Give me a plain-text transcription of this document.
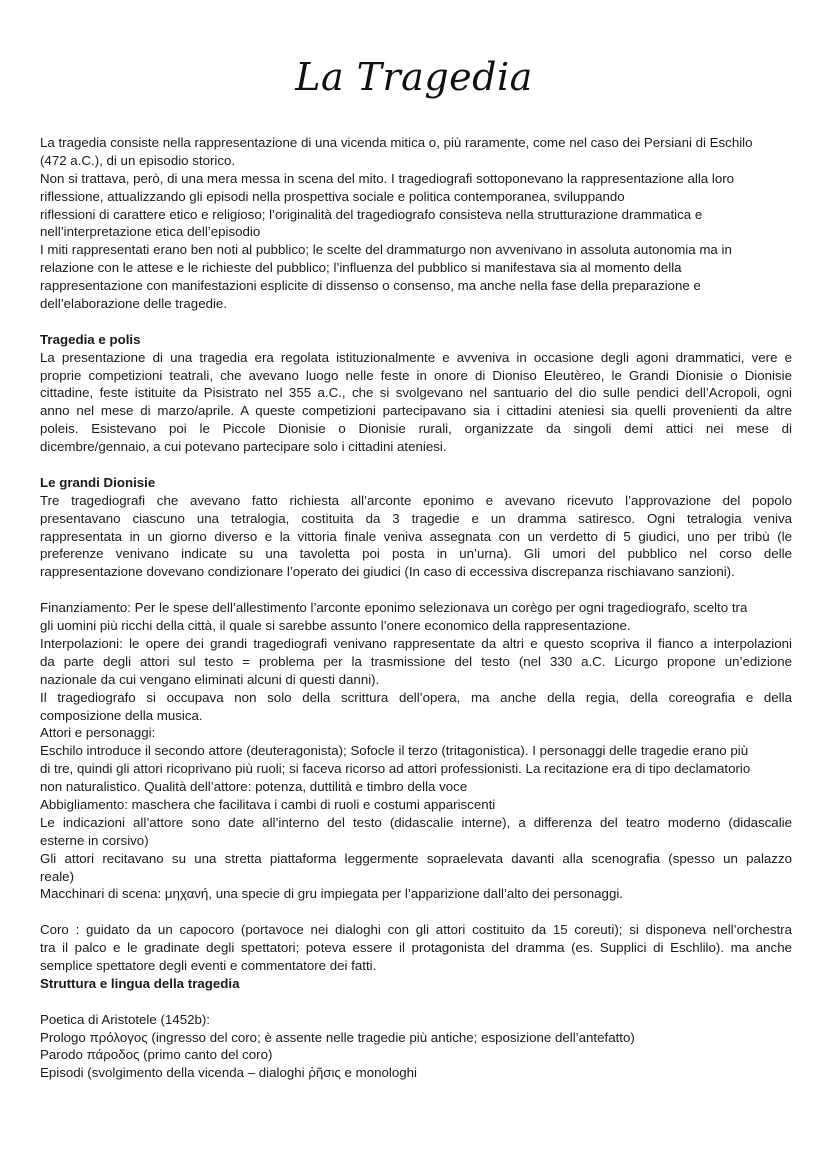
La Tragedia
La tragedia consiste nella rappresentazione di una vicenda mitica o, più raramente, come nel caso dei Persiani di Eschilo
(472 a.C.), di un episodio storico.
Non si trattava, però, di una mera messa in scena del mito. I tragediografi sottoponevano la rappresentazione alla loro
riflessione, attualizzando gli episodi nella prospettiva sociale e politica contemporanea, sviluppando
riflessioni di carattere etico e religioso; l’originalità del tragediografo consisteva nella strutturazione drammatica e
nell’interpretazione etica dell’episodio
I miti rappresentati erano ben noti al pubblico; le scelte del drammaturgo non avvenivano in assoluta autonomia ma in
relazione con le attese e le richieste del pubblico; l’influenza del pubblico si manifestava sia al momento della
rappresentazione con manifestazioni esplicite di dissenso o consenso, ma anche nella fase della preparazione e
dell’elaborazione delle tragedie.
Tragedia e polis
La presentazione di una tragedia era regolata istituzionalmente e avveniva in occasione degli agoni drammatici, vere e
proprie competizioni teatrali, che avevano luogo nelle feste in onore di Dioniso Eleutèreo, le Grandi Dionisie o Dionisie
cittadine, feste istituite da Pisistrato nel 355 a.C., che si svolgevano nel santuario del dio sulle pendici dell’Acropoli, ogni
anno nel mese di marzo/aprile. A queste competizioni partecipavano sia i cittadini ateniesi sia quelli provenienti da altre
poleis. Esistevano poi le Piccole Dionisie o Dionisie rurali, organizzate da singoli demi attici nei mese di
dicembre/gennaio, a cui potevano partecipare solo i cittadini ateniesi.
Le grandi Dionisie
Tre tragediografi che avevano fatto richiesta all’arconte eponimo e avevano ricevuto l’approvazione del popolo
presentavano ciascuno una tetralogia, costituita da 3 tragedie e un dramma satiresco. Ogni tetralogia veniva
rappresentata in un giorno diverso e la vittoria finale veniva assegnata con un verdetto di 5 giudici, uno per tribù (le
preferenze venivano indicate su una tavoletta poi posta in un’urna). Gli umori del pubblico nel corso delle
rappresentazione dovevano condizionare l’operato dei giudici (In caso di eccessiva discrepanza rischiavano sanzioni).
Finanziamento: Per le spese dell’allestimento l’arconte eponimo selezionava un corègo per ogni tragediografo, scelto tra
gli uomini più ricchi della città, il quale si sarebbe assunto l’onere economico della rappresentazione.
Interpolazioni: le opere dei grandi tragediografi venivano rappresentate da altri e questo scopriva il fianco a interpolazioni
da parte degli attori sul testo = problema per la trasmissione del testo (nel 330 a.C. Licurgo propone un’edizione
nazionale da cui vengano eliminati alcuni di questi danni).
Il tragediografo si occupava non solo della scrittura dell’opera, ma anche della regia, della coreografia e della
composizione della musica.
Attori e personaggi:
Eschilo introduce il secondo attore (deuteragonista); Sofocle il terzo (tritagonistica). I personaggi delle tragedie erano più
di tre, quindi gli attori ricoprivano più ruoli; si faceva ricorso ad attori professionisti. La recitazione era di tipo declamatorio
non naturalistico. Qualità dell’attore: potenza, duttilità e timbro della voce
Abbigliamento: maschera che facilitava i cambi di ruoli e costumi appariscenti
Le indicazioni all’attore sono date all’interno del testo (didascalie interne), a differenza del teatro moderno (didascalie
esterne in corsivo)
Gli attori recitavano su una stretta piattaforma leggermente sopraelevata davanti alla scenografia (spesso un palazzo
reale)
Macchinari di scena: μηχανή, una specie di gru impiegata per l’apparizione dall’alto dei personaggi.
Coro : guidato da un capocoro (portavoce nei dialoghi con gli attori costituito da 15 coreuti); si disponeva nell’orchestra
tra il palco e le gradinate degli spettatori; poteva essere il protagonista del dramma (es. Supplici di Eschlilo). ma anche
semplice spettatore degli eventi e commentatore dei fatti.
Struttura e lingua della tragedia
Poetica di Aristotele (1452b):
Prologo πρόλογος (ingresso del coro; è assente nelle tragedie più antiche; esposizione dell’antefatto)
Parodo πάροδος (primo canto del coro)
Episodi (svolgimento della vicenda – dialoghi ῥῆσις e monologhi
